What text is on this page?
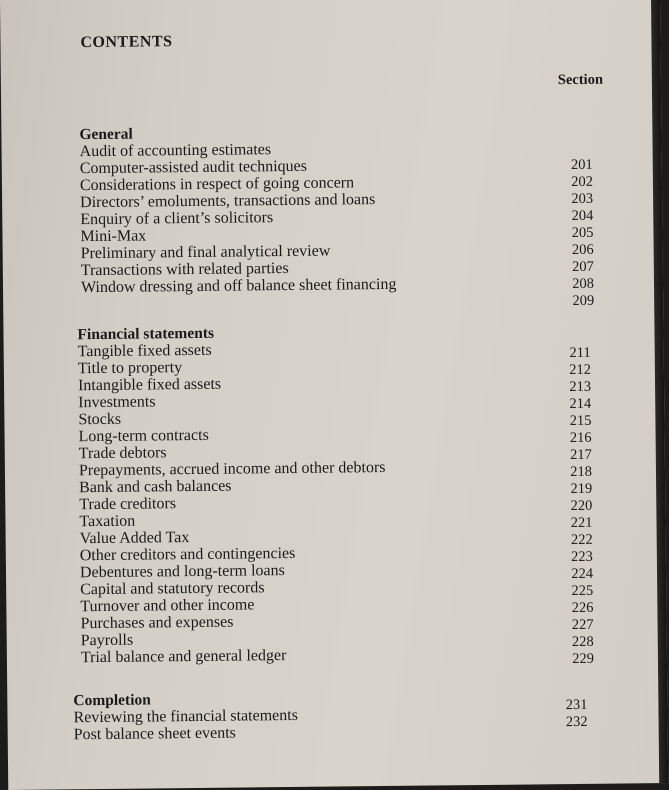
CONTENTS
Section
General
Audit of accounting estimates
Computer-assisted audit techniques
Considerations in respect of going concern
Directors’ emoluments, transactions and loans
Enquiry of a client’s solicitors
Mini-Max
Preliminary and final analytical review
Transactions with related parties
Window dressing and off balance sheet financing
201
202
203
204
205
206
207
208
209
Financial statements
Tangible fixed assets
Title to property
Intangible fixed assets
Investments
Stocks
Long-term contracts
Trade debtors
Prepayments, accrued income and other debtors
Bank and cash balances
Trade creditors
Taxation
Value Added Tax
Other creditors and contingencies
Debentures and long-term loans
Capital and statutory records
Turnover and other income
Purchases and expenses
Payrolls
Trial balance and general ledger
211
212
213
214
215
216
217
218
219
220
221
222
223
224
225
226
227
228
229
Completion
Reviewing the financial statements
Post balance sheet events
231
232
